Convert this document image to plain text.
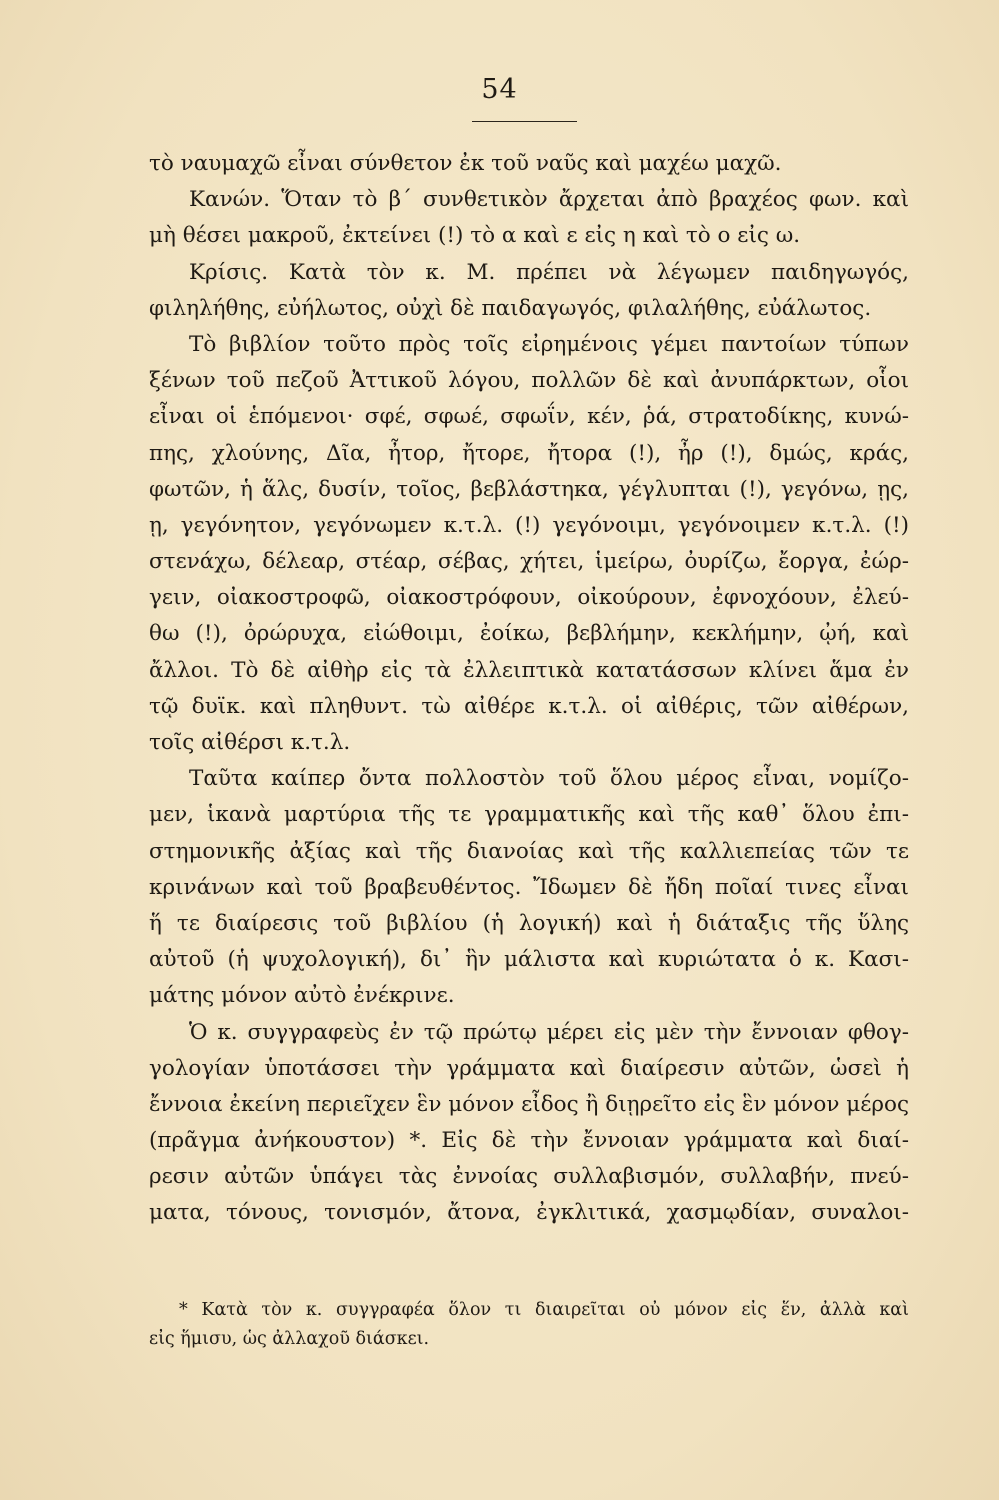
54
τὸ ναυμαχῶ εἶναι σύνθετον ἐκ τοῦ ναῦς καὶ μαχέω μαχῶ.
Κανών. Ὅταν τὸ β΄ συνθετικὸν ἄρχεται ἀπὸ βραχέος φων. καὶ
μὴ θέσει μακροῦ, ἐκτείνει (!) τὸ α καὶ ε εἰς η καὶ τὸ ο εἰς ω.
Κρίσις. Κατὰ τὸν κ. Μ. πρέπει νὰ λέγωμεν παιδηγωγός,
φιληλήθης, εὐήλωτος, οὐχὶ δὲ παιδαγωγός, φιλαλήθης, εὐάλωτος.
Τὸ βιβλίον τοῦτο πρὸς τοῖς εἰρημένοις γέμει παντοίων τύπων
ξένων τοῦ πεζοῦ Ἀττικοῦ λόγου, πολλῶν δὲ καὶ ἀνυπάρκτων, οἷοι
εἶναι οἱ ἑπόμενοι· σφέ, σφωέ, σφωΐν, κέν, ῥά, στρατοδίκης, κυνώ-
πης, χλούνης, Δῖα, ἦτορ, ἤτορε, ἤτορα (!), ἦρ (!), δμώς, κράς,
φωτῶν, ἡ ἅλς, δυσίν, τοῖος, βεβλάστηκα, γέγλυπται (!), γεγόνω, ῃς,
ῃ, γεγόνητον, γεγόνωμεν κ.τ.λ. (!) γεγόνοιμι, γεγόνοιμεν κ.τ.λ. (!)
στενάχω, δέλεαρ, στέαρ, σέβας, χήτει, ἱμείρω, ὀυρίζω, ἔοργα, ἐώρ-
γειν, οἰακοστροφῶ, οἰακοστρόφουν, οἰκούρουν, ἐφνοχόουν, ἐλεύ-
θω (!), ὀρώρυχα, εἰώθοιμι, ἐοίκω, βεβλήμην, κεκλήμην, ᾠή, καὶ
ἄλλοι. Τὸ δὲ αἰθὴρ εἰς τὰ ἐλλειπτικὰ κατατάσσων κλίνει ἅμα ἐν
τῷ δυϊκ. καὶ πληθυντ. τὼ αἰθέρε κ.τ.λ. οἱ αἰθέρις, τῶν αἰθέρων,
τοῖς αἰθέρσι κ.τ.λ.
Ταῦτα καίπερ ὄντα πολλοστὸν τοῦ ὅλου μέρος εἶναι, νομίζο-
μεν, ἱκανὰ μαρτύρια τῆς τε γραμματικῆς καὶ τῆς καθ᾽ ὅλου ἐπι-
στημονικῆς ἀξίας καὶ τῆς διανοίας καὶ τῆς καλλιεπείας τῶν τε
κρινάνων καὶ τοῦ βραβευθέντος. Ἴδωμεν δὲ ἤδη ποῖαί τινες εἶναι
ἥ τε διαίρεσις τοῦ βιβλίου (ἡ λογική) καὶ ἡ διάταξις τῆς ὕλης
αὐτοῦ (ἡ ψυχολογική), δι᾽ ἣν μάλιστα καὶ κυριώτατα ὁ κ. Κασι-
μάτης μόνον αὐτὸ ἐνέκρινε.
Ὁ κ. συγγραφεὺς ἐν τῷ πρώτῳ μέρει εἰς μὲν τὴν ἔννοιαν φθογ-
γολογίαν ὑποτάσσει τὴν γράμματα καὶ διαίρεσιν αὐτῶν, ὡσεὶ ἡ
ἔννοια ἐκείνη περιεῖχεν ἓν μόνον εἶδος ἢ διῃρεῖτο εἰς ἓν μόνον μέρος
(πρᾶγμα ἀνήκουστον) *. Εἰς δὲ τὴν ἔννοιαν γράμματα καὶ διαί-
ρεσιν αὐτῶν ὑπάγει τὰς ἐννοίας συλλαβισμόν, συλλαβήν, πνεύ-
ματα, τόνους, τονισμόν, ἄτονα, ἐγκλιτικά, χασμῳδίαν, συναλοι-
* Κατὰ τὸν κ. συγγραφέα ὅλον τι διαιρεῖται οὐ μόνον εἰς ἕν, ἀλλὰ καὶ
εἰς ἥμισυ, ὡς ἀλλαχοῦ διάσκει.
